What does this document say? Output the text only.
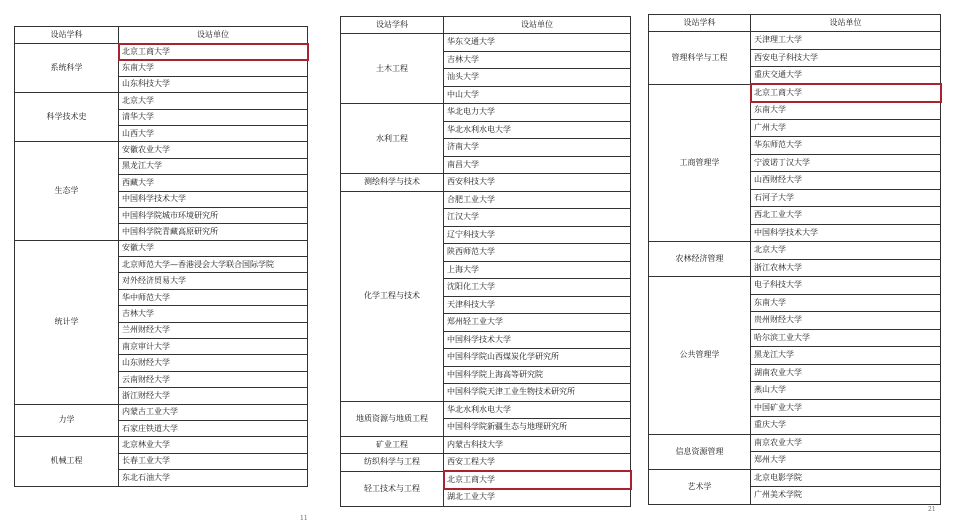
设站学科	设站单位
系统科学	北京工商大学
	东南大学
	山东科技大学
科学技术史	北京大学
	清华大学
	山西大学
生态学	安徽农业大学
	黑龙江大学
	西藏大学
	中国科学技术大学
	中国科学院城市环境研究所
	中国科学院青藏高原研究所
统计学	安徽大学
	北京师范大学—香港浸会大学联合国际学院
	对外经济贸易大学
	华中师范大学
	吉林大学
	兰州财经大学
	南京审计大学
	山东财经大学
	云南财经大学
	浙江财经大学
力学	内蒙古工业大学
	石家庄铁道大学
机械工程	北京林业大学
	长春工业大学
	东北石油大学
11
设站学科	设站单位
土木工程	华东交通大学
	吉林大学
	汕头大学
	中山大学
水利工程	华北电力大学
	华北水利水电大学
	济南大学
	南昌大学
测绘科学与技术	西安科技大学
化学工程与技术	合肥工业大学
	江汉大学
	辽宁科技大学
	陕西师范大学
	上海大学
	沈阳化工大学
	天津科技大学
	郑州轻工业大学
	中国科学技术大学
	中国科学院山西煤炭化学研究所
	中国科学院上海高等研究院
	中国科学院天津工业生物技术研究所
地质资源与地质工程	华北水利水电大学
	中国科学院新疆生态与地理研究所
矿业工程	内蒙古科技大学
纺织科学与工程	西安工程大学
轻工技术与工程	北京工商大学
	湖北工业大学
设站学科	设站单位
管理科学与工程	天津理工大学
	西安电子科技大学
	重庆交通大学
工商管理学	北京工商大学
	东南大学
	广州大学
	华东师范大学
	宁波诺丁汉大学
	山西财经大学
	石河子大学
	西北工业大学
	中国科学技术大学
农林经济管理	北京大学
	浙江农林大学
公共管理学	电子科技大学
	东南大学
	贵州财经大学
	哈尔滨工业大学
	黑龙江大学
	湖南农业大学
	燕山大学
	中国矿业大学
	重庆大学
信息资源管理	南京农业大学
	郑州大学
艺术学	北京电影学院
	广州美术学院
21
